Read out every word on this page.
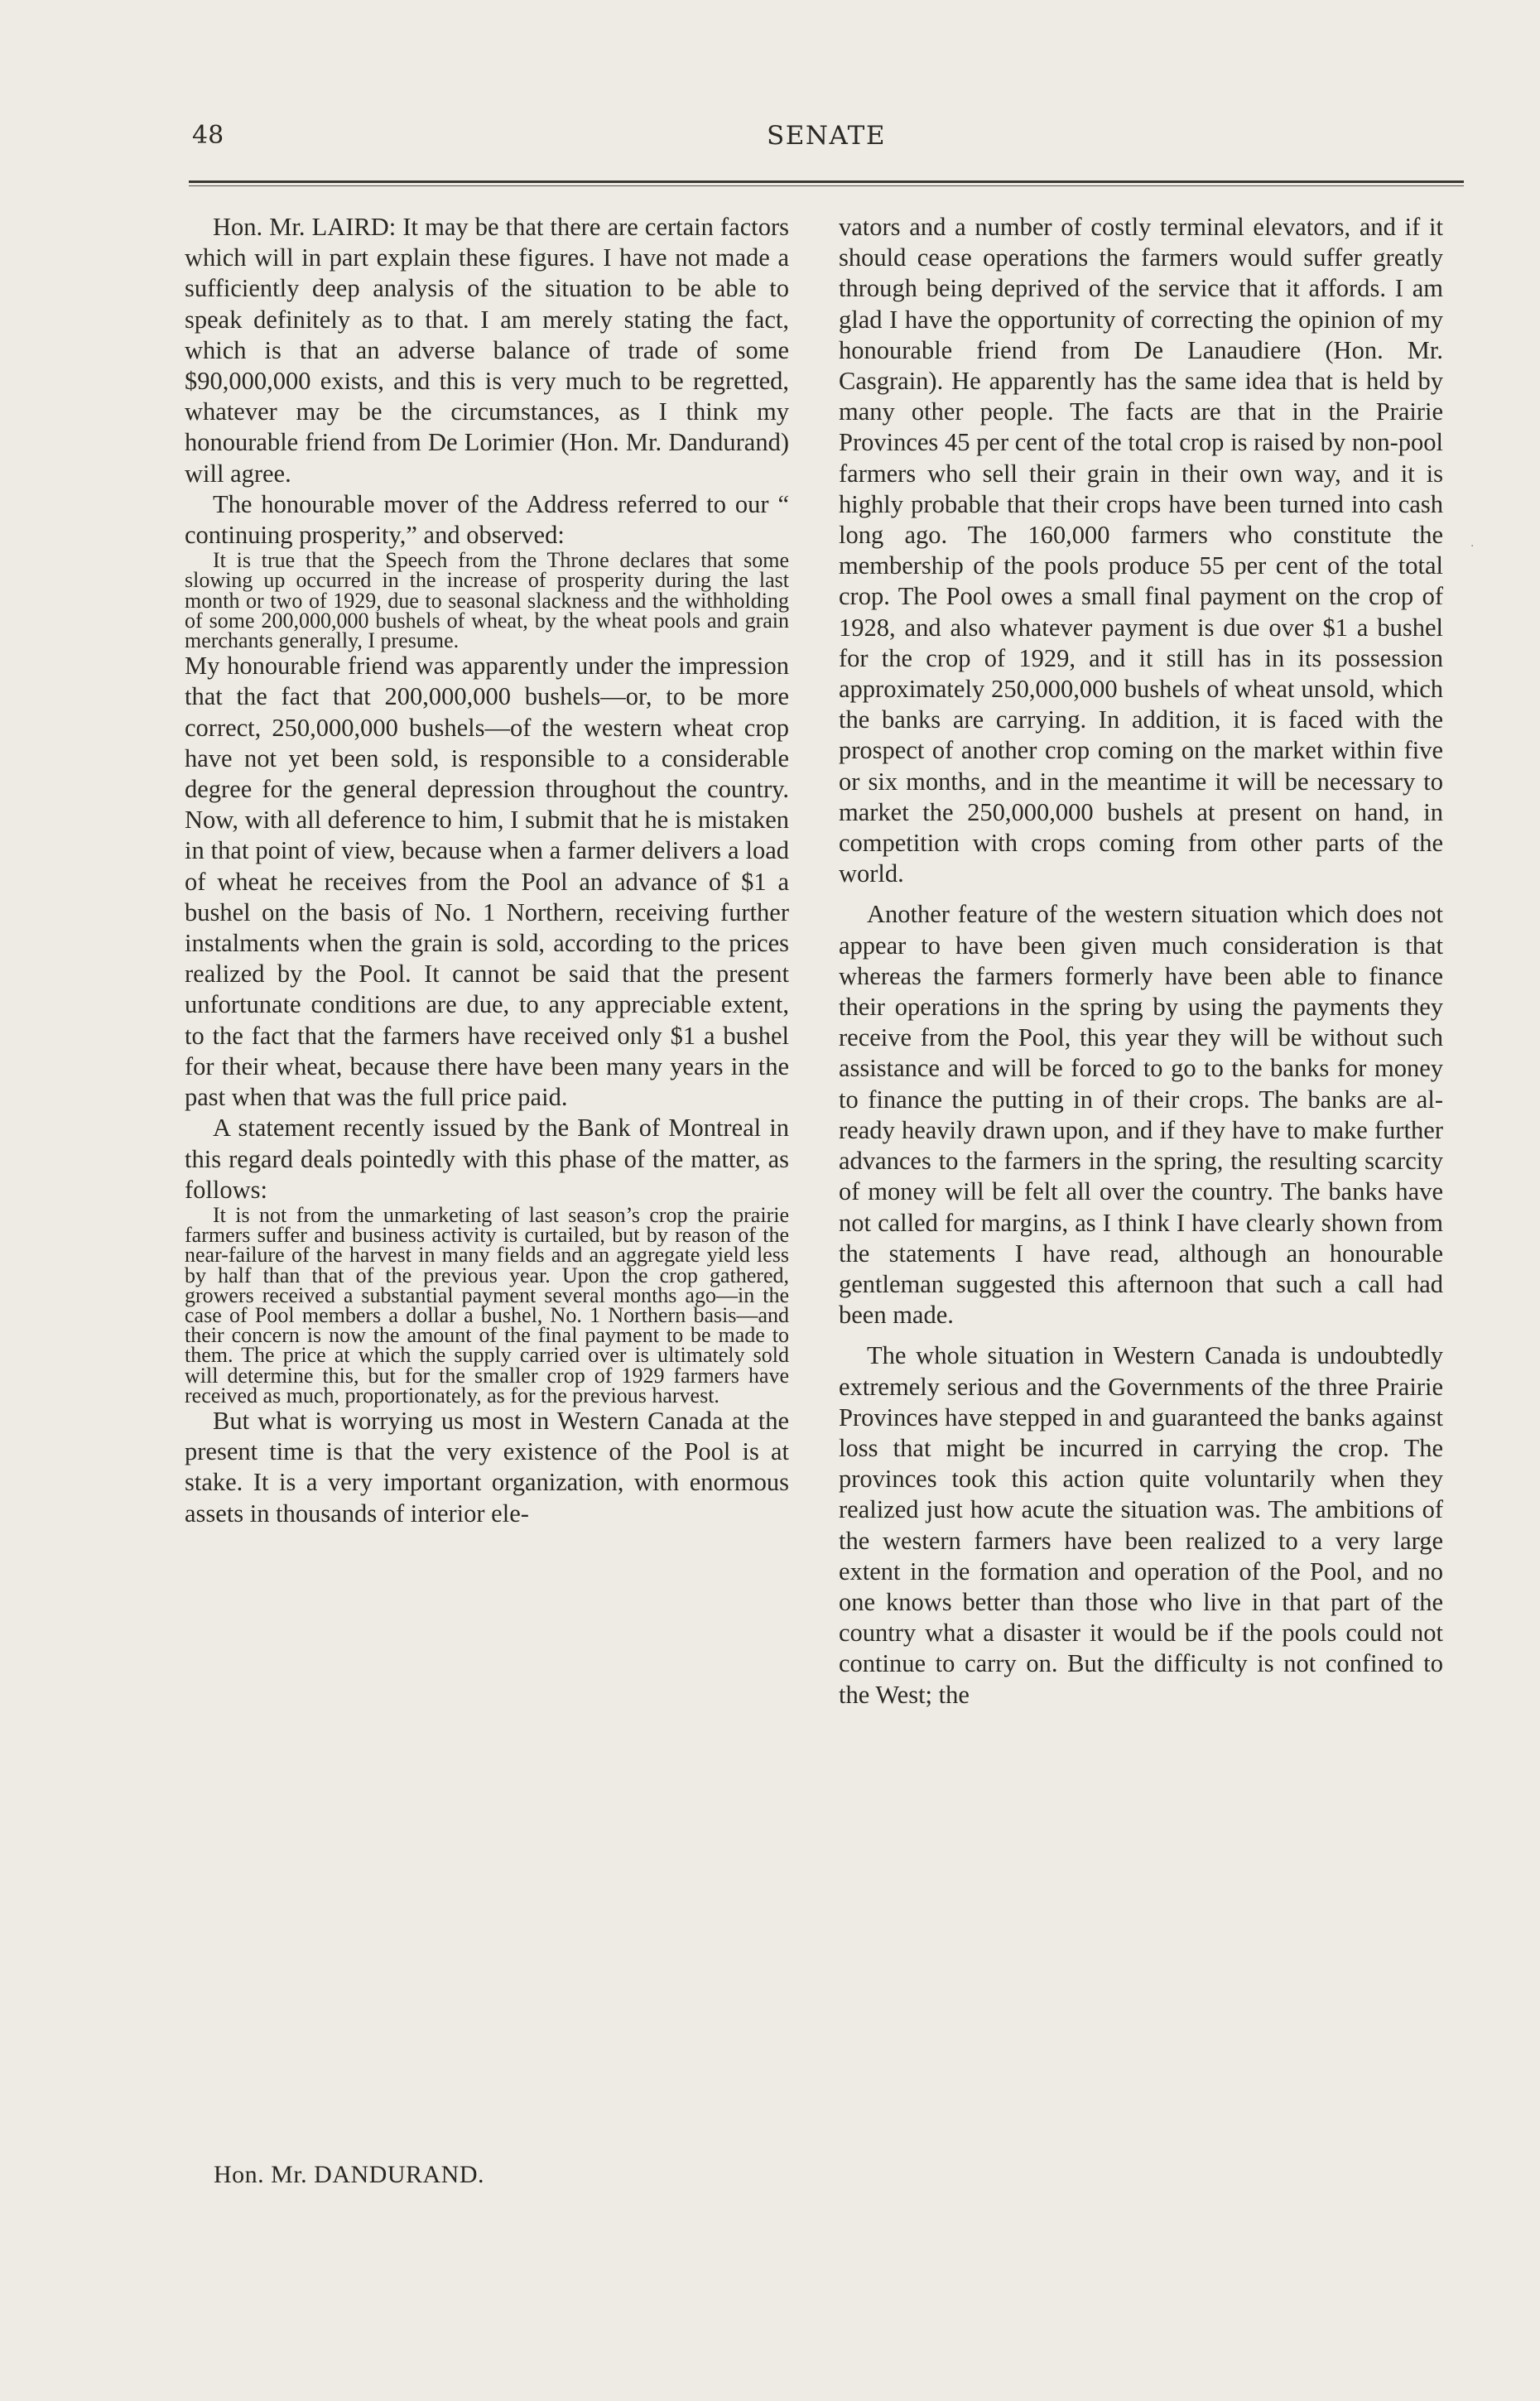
48	SENATE

Hon. Mr. LAIRD: It may be that there are certain factors which will in part explain these figures. I have not made a sufficiently deep analysis of the situation to be able to speak definitely as to that. I am merely stating the fact, which is that an adverse balance of trade of some $90,000,000 exists, and this is very much to be regretted, whatever may be the circumstances, as I think my honourable friend from De Lorimier (Hon. Mr. Dandurand) will agree.

The honourable mover of the Address referred to our “ continuing prosperity,” and observed:

It is true that the Speech from the Throne declares that some slowing up occurred in the increase of prosperity during the last month or two of 1929, due to seasonal slackness and the withholding of some 200,000,000 bushels of wheat, by the wheat pools and grain merchants generally, I presume.

My honourable friend was apparently under the impression that the fact that 200,000,000 bushels—or, to be more correct, 250,000,000 bushels—of the western wheat crop have not yet been sold, is responsible to a considerable degree for the general depression throughout the country. Now, with all deference to him, I submit that he is mistaken in that point of view, because when a farmer delivers a load of wheat he receives from the Pool an advance of $1 a bushel on the basis of No. 1 Northern, receiving further instalments when the grain is sold, according to the prices realized by the Pool. It cannot be said that the present unfortunate conditions are due, to any appreciable extent, to the fact that the farmers have received only $1 a bushel for their wheat, because there have been many years in the past when that was the full price paid.

A statement recently issued by the Bank of Montreal in this regard deals pointedly with this phase of the matter, as follows:

It is not from the unmarketing of last season’s crop the prairie farmers suffer and business activity is curtailed, but by reason of the near-failure of the harvest in many fields and an aggregate yield less by half than that of the previous year. Upon the crop gathered, growers received a substantial payment several months ago—in the case of Pool members a dollar a bushel, No. 1 Northern basis—and their concern is now the amount of the final payment to be made to them. The price at which the supply carried over is ultimately sold will determine this, but for the smaller crop of 1929 farmers have received as much, proportionately, as for the previous harvest.

But what is worrying us most in Western Canada at the present time is that the very existence of the Pool is at stake. It is a very important organization, with enormous assets in thousands of interior ele-

vators and a number of costly terminal elevators, and if it should cease operations the farmers would suffer greatly through being deprived of the service that it affords. I am glad I have the opportunity of correcting the opinion of my honourable friend from De Lanaudiere (Hon. Mr. Casgrain). He apparently has the same idea that is held by many other people. The facts are that in the Prairie Provinces 45 per cent of the total crop is raised by non-pool farmers who sell their grain in their own way, and it is highly probable that their crops have been turned into cash long ago. The 160,000 farmers who constitute the membership of the pools produce 55 per cent of the total crop. The Pool owes a small final payment on the crop of 1928, and also whatever payment is due over $1 a bushel for the crop of 1929, and it still has in its possession approximately 250,000,000 bushels of wheat unsold, which the banks are carrying. In addition, it is faced with the prospect of another crop coming on the market within five or six months, and in the meantime it will be necessary to market the 250,000,000 bushels at present on hand, in competition with crops coming from other parts of the world.

Another feature of the western situation which does not appear to have been given much consideration is that whereas the farmers formerly have been able to finance their operations in the spring by using the payments they receive from the Pool, this year they will be without such assistance and will be forced to go to the banks for money to finance the putting in of their crops. The banks are already heavily drawn upon, and if they have to make further advances to the farmers in the spring, the resulting scarcity of money will be felt all over the country. The banks have not called for margins, as I think I have clearly shown from the statements I have read, although an honourable gentleman suggested this afternoon that such a call had been made.

The whole situation in Western Canada is undoubtedly extremely serious and the Governments of the three Prairie Provinces have stepped in and guaranteed the banks against loss that might be incurred in carrying the crop. The provinces took this action quite voluntarily when they realized just how acute the situation was. The ambitions of the western farmers have been realized to a very large extent in the formation and operation of the Pool, and no one knows better than those who live in that part of the country what a disaster it would be if the pools could not continue to carry on. But the difficulty is not confined to the West; the

Hon. Mr. DANDURAND.
·
